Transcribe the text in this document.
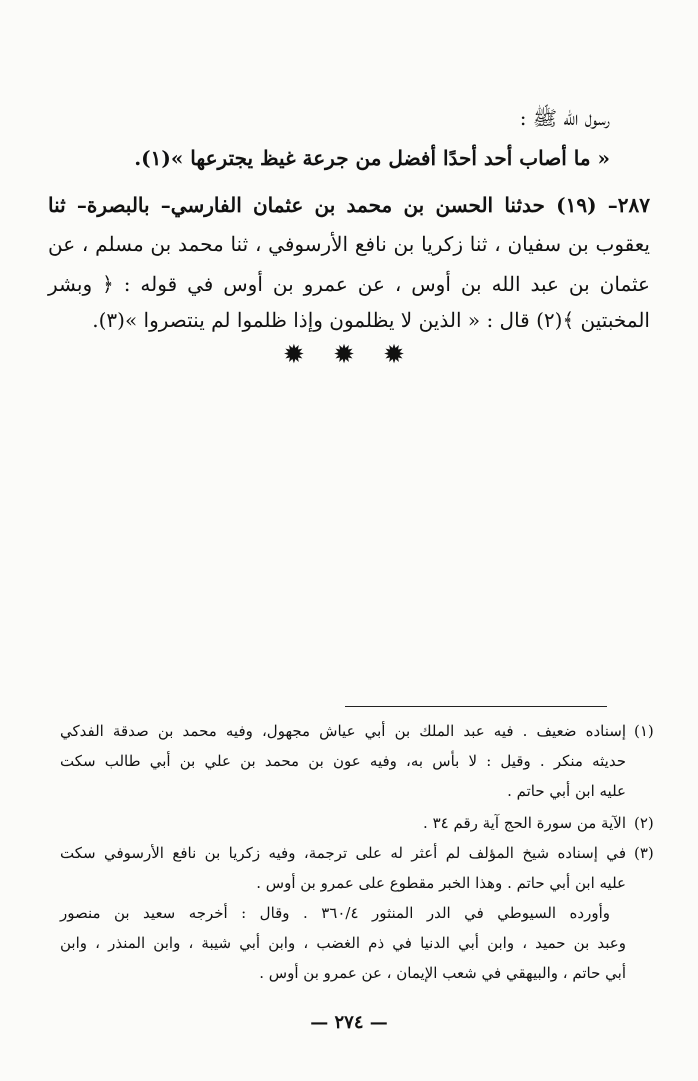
رسول الله ﷺ :
« ما أصاب أحد أحدًا أفضل من جرعة غيظ يجترعها »(١).
٢٨٧– (١٩) حدثنا الحسن بن محمد بن عثمان الفارسي– بالبصرة– ثنا
يعقوب بن سفيان ، ثنا زكريا بن نافع الأرسوفي ، ثنا محمد بن مسلم ، عن
عثمان بن عبد الله بن أوس ، عن عمرو بن أوس في قوله : ﴿ وبشر
المخبتين ﴾(٢) قال : « الذين لا يظلمون وإذا ظلموا لم ينتصروا »(٣).
✹ ✹ ✹
(١)
إسناده ضعيف . فيه عبد الملك بن أبي عياش مجهول، وفيه محمد بن صدقة الفدكي
حديثه منكر . وقيل : لا بأس به، وفيه عون بن محمد بن علي بن أبي طالب سكت
عليه ابن أبي حاتم .
(٢)
الآية من سورة الحج آية رقم ٣٤ .
(٣)
في إسناده شيخ المؤلف لم أعثر له على ترجمة، وفيه زكريا بن نافع الأرسوفي سكت
عليه ابن أبي حاتم . وهذا الخبر مقطوع على عمرو بن أوس .
وأورده السيوطي في الدر المنثور ٣٦٠/٤ . وقال : أخرجه سعيد بن منصور
وعبد بن حميد ، وابن أبي الدنيا في ذم الغضب ، وابن أبي شيبة ، وابن المنذر ، وابن
أبي حاتم ، والبيهقي في شعب الإيمان ، عن عمرو بن أوس .
— ٢٧٤ —
